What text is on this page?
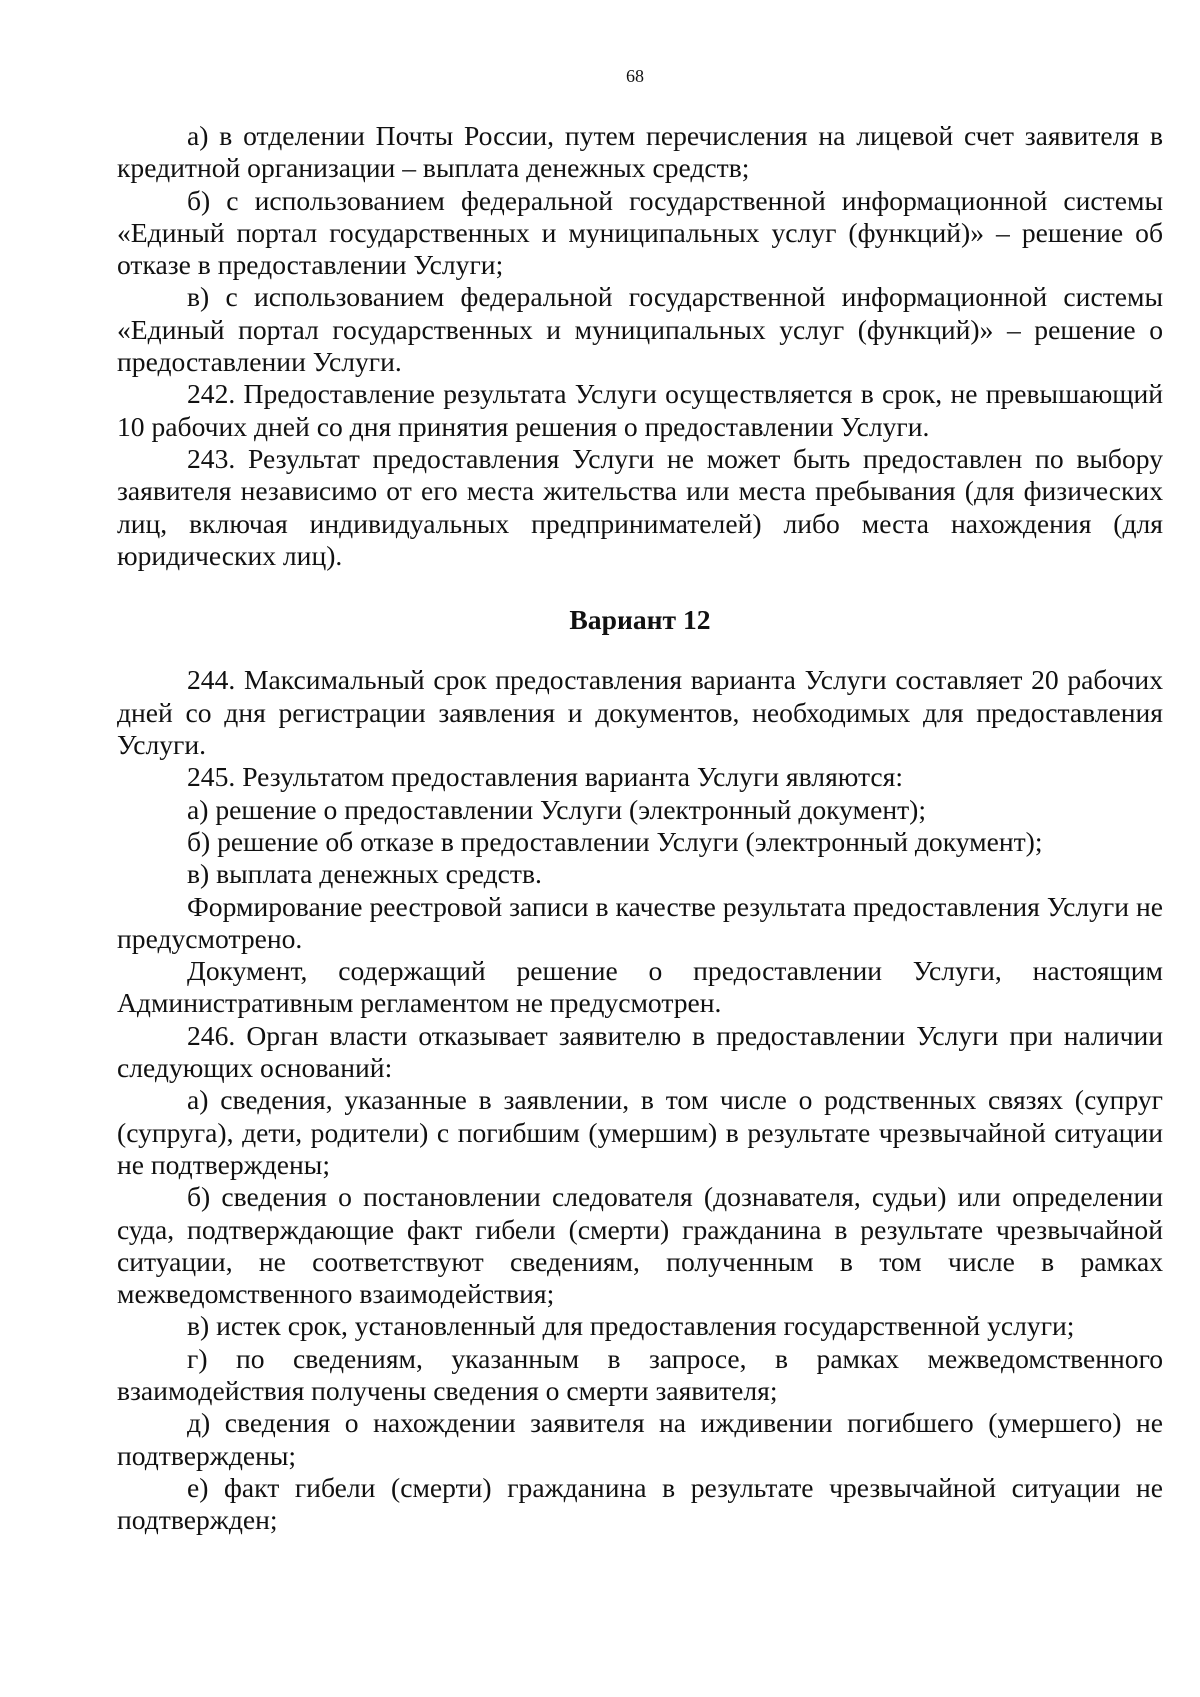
68

а) в отделении Почты России, путем перечисления на лицевой счет заявителя в кредитной организации – выплата денежных средств;

б) с использованием федеральной государственной информационной системы «Единый портал государственных и муниципальных услуг (функций)» – решение об отказе в предоставлении Услуги;

в) с использованием федеральной государственной информационной системы «Единый портал государственных и муниципальных услуг (функций)» – решение о предоставлении Услуги.

242. Предоставление результата Услуги осуществляется в срок, не превышающий 10 рабочих дней со дня принятия решения о предоставлении Услуги.

243. Результат предоставления Услуги не может быть предоставлен по выбору заявителя независимо от его места жительства или места пребывания (для физических лиц, включая индивидуальных предпринимателей) либо места нахождения (для юридических лиц).

Вариант 12

244. Максимальный срок предоставления варианта Услуги составляет 20 рабочих дней со дня регистрации заявления и документов, необходимых для предоставления Услуги.

245. Результатом предоставления варианта Услуги являются:

а) решение о предоставлении Услуги (электронный документ);

б) решение об отказе в предоставлении Услуги (электронный документ);

в) выплата денежных средств.

Формирование реестровой записи в качестве результата предоставления Услуги не предусмотрено.

Документ, содержащий решение о предоставлении Услуги, настоящим Административным регламентом не предусмотрен.

246. Орган власти отказывает заявителю в предоставлении Услуги при наличии следующих оснований:

а) сведения, указанные в заявлении, в том числе о родственных связях (супруг (супруга), дети, родители) с погибшим (умершим) в результате чрезвычайной ситуации не подтверждены;

б) сведения о постановлении следователя (дознавателя, судьи) или определении суда, подтверждающие факт гибели (смерти) гражданина в результате чрезвычайной ситуации, не соответствуют сведениям, полученным в том числе в рамках межведомственного взаимодействия;

в) истек срок, установленный для предоставления государственной услуги;

г) по сведениям, указанным в запросе, в рамках межведомственного взаимодействия получены сведения о смерти заявителя;

д) сведения о нахождении заявителя на иждивении погибшего (умершего) не подтверждены;

е) факт гибели (смерти) гражданина в результате чрезвычайной ситуации не подтвержден;
